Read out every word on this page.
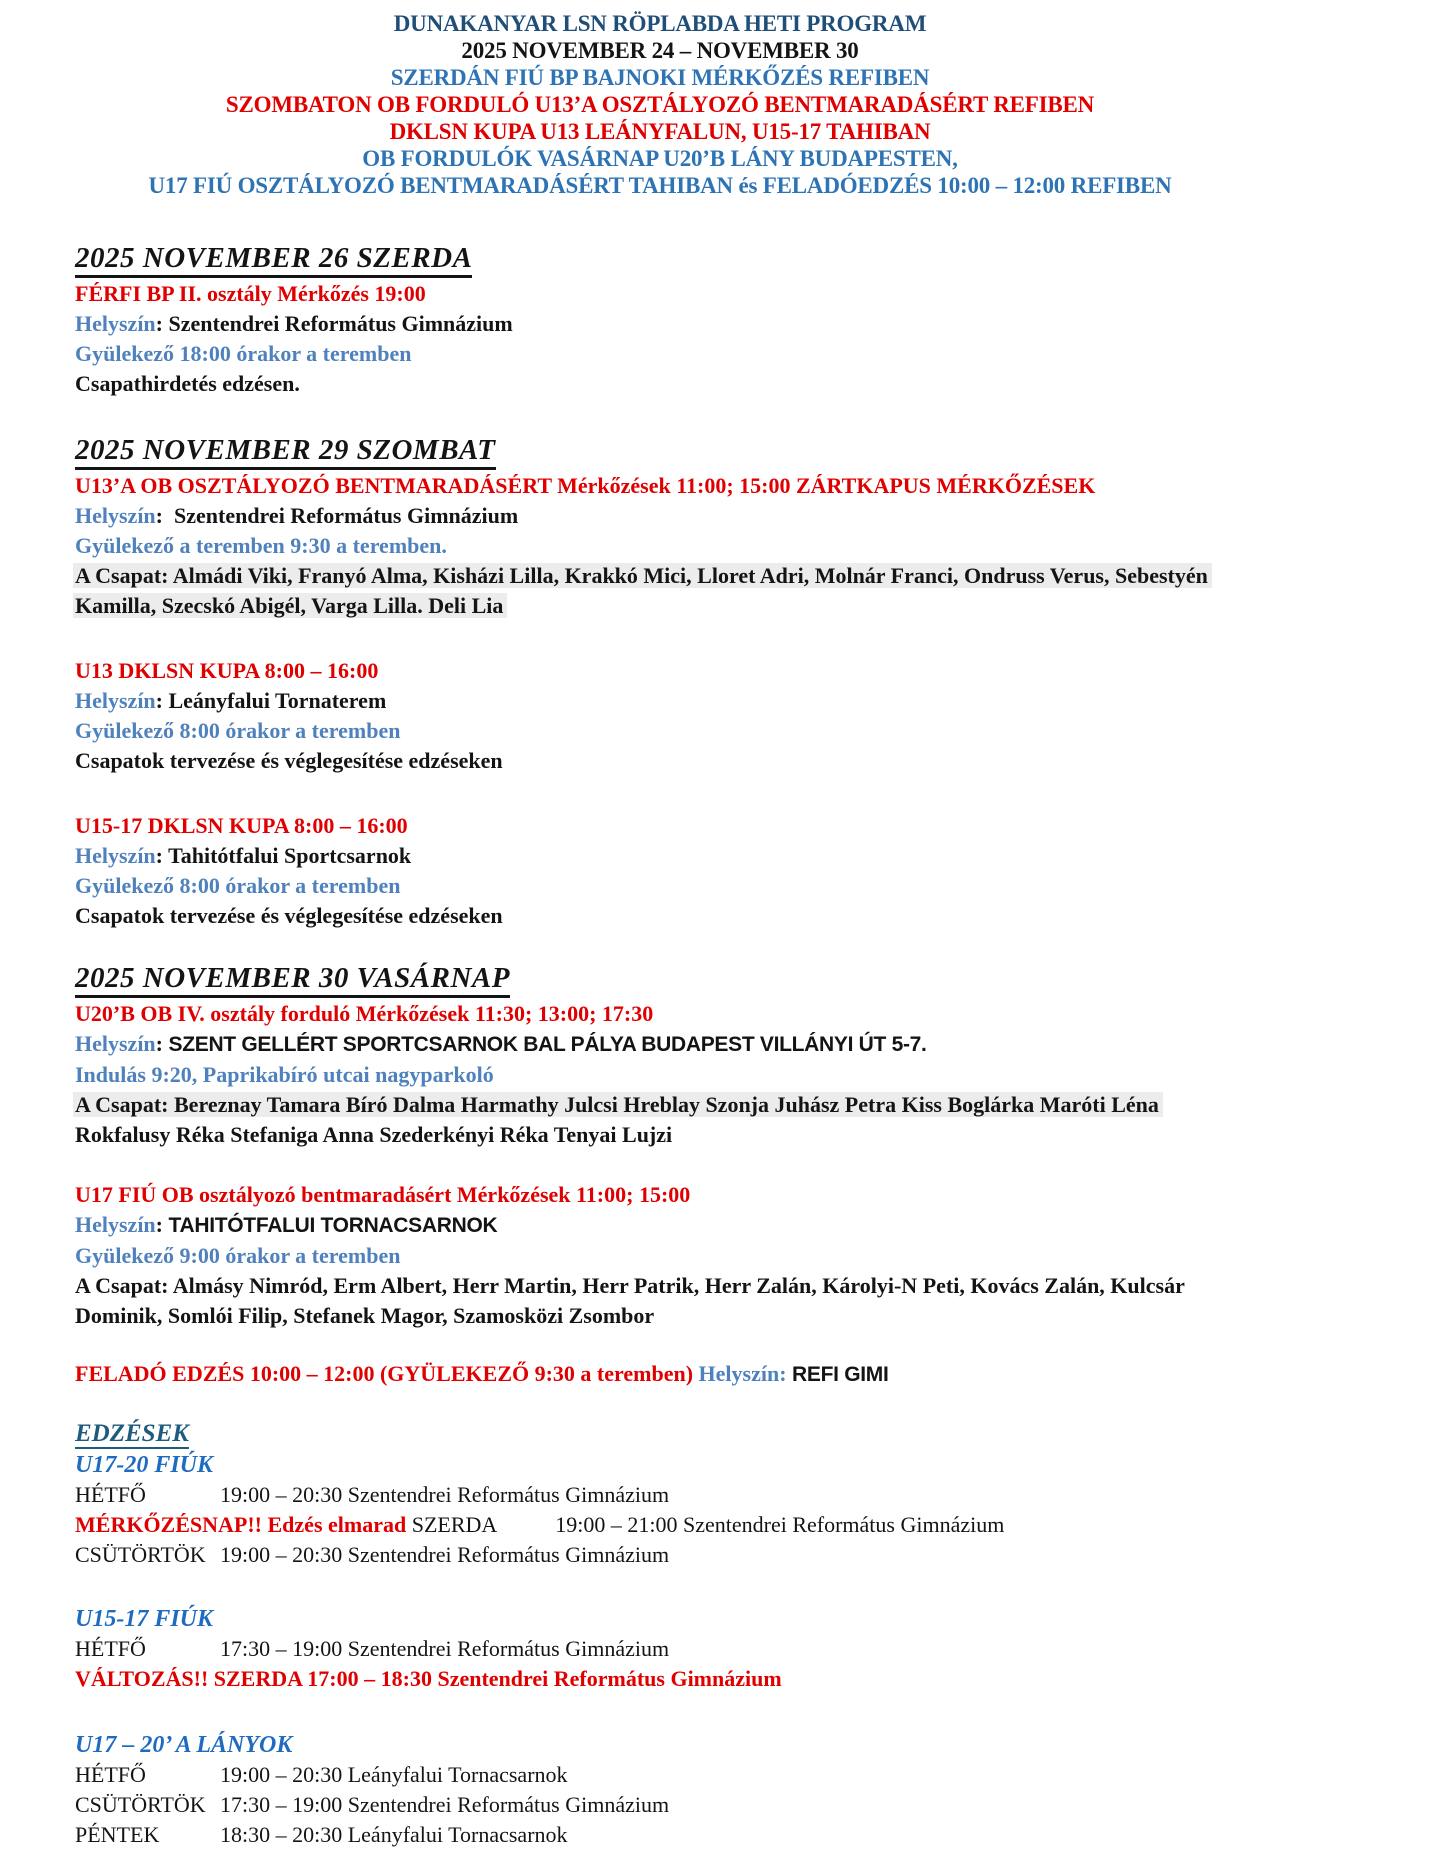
DUNAKANYAR LSN RÖPLABDA HETI PROGRAM
2025 NOVEMBER 24 – NOVEMBER 30
SZERDÁN FIÚ BP BAJNOKI MÉRKŐZÉS REFIBEN
SZOMBATON OB FORDULÓ U13’A OSZTÁLYOZÓ BENTMARADÁSÉRT REFIBEN
DKLSN KUPA U13 LEÁNYFALUN, U15-17 TAHIBAN
OB FORDULÓK VASÁRNAP U20’B LÁNY BUDAPESTEN,
U17 FIÚ OSZTÁLYOZÓ BENTMARADÁSÉRT TAHIBAN és FELADÓEDZÉS 10:00 – 12:00 REFIBEN
2025 NOVEMBER 26 SZERDA
FÉRFI BP II. osztály Mérkőzés 19:00
Helyszín: Szentendrei Református Gimnázium
Gyülekező 18:00 órakor a teremben
Csapathirdetés edzésen.
2025 NOVEMBER 29 SZOMBAT
U13’A OB OSZTÁLYOZÓ BENTMARADÁSÉRT Mérkőzések 11:00; 15:00 ZÁRTKAPUS MÉRKŐZÉSEK
Helyszín:  Szentendrei Református Gimnázium
Gyülekező a teremben 9:30 a teremben.
A Csapat: Almádi Viki, Franyó Alma, Kisházi Lilla, Krakkó Mici, Lloret Adri, Molnár Franci, Ondruss Verus, Sebestyén
Kamilla, Szecskó Abigél, Varga Lilla. Deli Lia
U13 DKLSN KUPA 8:00 – 16:00
Helyszín: Leányfalui Tornaterem
Gyülekező 8:00 órakor a teremben
Csapatok tervezése és véglegesítése edzéseken
U15-17 DKLSN KUPA 8:00 – 16:00
Helyszín: Tahitótfalui Sportcsarnok
Gyülekező 8:00 órakor a teremben
Csapatok tervezése és véglegesítése edzéseken
2025 NOVEMBER 30 VASÁRNAP
U20’B OB IV. osztály forduló Mérkőzések 11:30; 13:00; 17:30
Helyszín: SZENT GELLÉRT SPORTCSARNOK BAL PÁLYA BUDAPEST VILLÁNYI ÚT 5-7.
Indulás 9:20, Paprikabíró utcai nagyparkoló
A Csapat: Bereznay Tamara Bíró Dalma Harmathy Julcsi Hreblay Szonja Juhász Petra Kiss Boglárka Maróti Léna
Rokfalusy Réka Stefaniga Anna Szederkényi Réka Tenyai Lujzi
U17 FIÚ OB osztályozó bentmaradásért Mérkőzések 11:00; 15:00
Helyszín: TAHITÓTFALUI TORNACSARNOK
Gyülekező 9:00 órakor a teremben
A Csapat: Almásy Nimród, Erm Albert, Herr Martin, Herr Patrik, Herr Zalán, Károlyi-N Peti, Kovács Zalán, Kulcsár
Dominik, Somlói Filip, Stefanek Magor, Szamosközi Zsombor
FELADÓ EDZÉS 10:00 – 12:00 (GYÜLEKEZŐ 9:30 a teremben) Helyszín: REFI GIMI
EDZÉSEK
U17-20 FIÚK
HÉTFŐ	19:00 – 20:30 Szentendrei Református Gimnázium
MÉRKŐZÉSNAP!! Edzés elmarad SZERDA	19:00 – 21:00 Szentendrei Református Gimnázium
CSÜTÖRTÖK 19:00 – 20:30 Szentendrei Református Gimnázium
U15-17 FIÚK
HÉTFŐ	17:30 – 19:00 Szentendrei Református Gimnázium
VÁLTOZÁS!! SZERDA 17:00 – 18:30 Szentendrei Református Gimnázium
U17 – 20’ A LÁNYOK
HÉTFŐ	19:00 – 20:30 Leányfalui Tornacsarnok
CSÜTÖRTÖK 17:30 – 19:00 Szentendrei Református Gimnázium
PÉNTEK	18:30 – 20:30 Leányfalui Tornacsarnok
